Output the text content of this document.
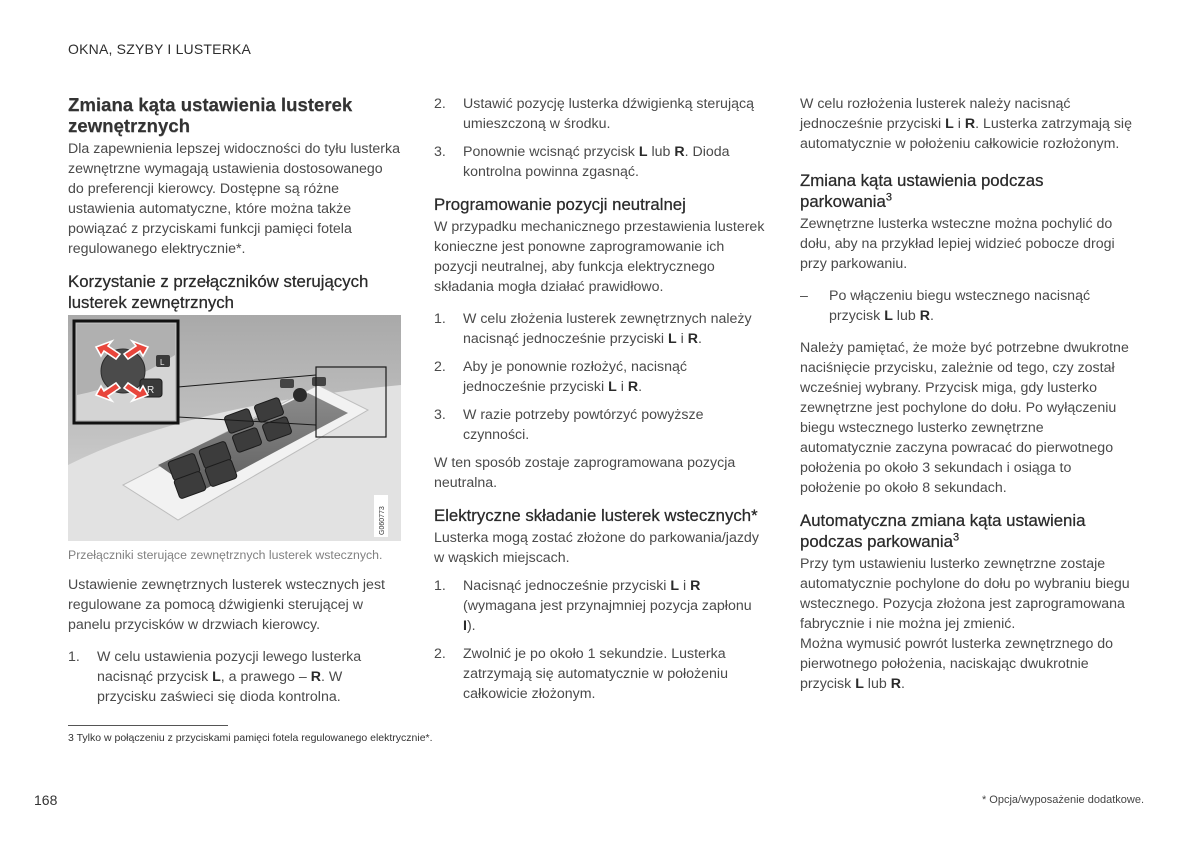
OKNA, SZYBY I LUSTERKA
Zmiana kąta ustawienia lusterek zewnętrznych

Dla zapewnienia lepszej widoczności do tyłu lusterka zewnętrzne wymagają ustawienia dostosowanego do preferencji kierowcy. Dostępne są różne ustawienia automatyczne, które można także powiązać z przyciskami funkcji pamięci fotela regulowanego elektrycznie*.

Korzystanie z przełączników sterujących lusterek zewnętrznych
R
L
G060773
Przełączniki sterujące zewnętrznych lusterek wstecznych.

Ustawienie zewnętrznych lusterek wstecznych jest regulowane za pomocą dźwigienki sterującej w panelu przycisków w drzwiach kierowcy.

1. W celu ustawienia pozycji lewego lusterka nacisnąć przycisk L, a prawego – R. W przycisku zaświeci się dioda kontrolna.
2. Ustawić pozycję lusterka dźwigienką sterującą umieszczoną w środku.
3. Ponownie wcisnąć przycisk L lub R. Dioda kontrolna powinna zgasnąć.
Programowanie pozycji neutralnej

W przypadku mechanicznego przestawienia lusterek konieczne jest ponowne zaprogramowanie ich pozycji neutralnej, aby funkcja elektrycznego składania mogła działać prawidłowo.

1. W celu złożenia lusterek zewnętrznych należy nacisnąć jednocześnie przyciski L i R.
2. Aby je ponownie rozłożyć, nacisnąć jednocześnie przyciski L i R.
3. W razie potrzeby powtórzyć powyższe czynności.

W ten sposób zostaje zaprogramowana pozycja neutralna.

Elektryczne składanie lusterek wstecznych*

Lusterka mogą zostać złożone do parkowania/jazdy w wąskich miejscach.

1. Nacisnąć jednocześnie przyciski L i R (wymagana jest przynajmniej pozycja zapłonu I).
2. Zwolnić je po około 1 sekundzie. Lusterka zatrzymają się automatycznie w położeniu całkowicie złożonym.

W celu rozłożenia lusterek należy nacisnąć jednocześnie przyciski L i R. Lusterka zatrzymają się automatycznie w położeniu całkowicie rozłożonym.

Zmiana kąta ustawienia podczas parkowania$^3$

Zewnętrzne lusterka wsteczne można pochylić do dołu, aby na przykład lepiej widzieć pobocze drogi przy parkowaniu.

– Po włączeniu biegu wstecznego nacisnąć przycisk L lub R.

Należy pamiętać, że może być potrzebne dwukrotne naciśnięcie przycisku, zależnie od tego, czy został wcześniej wybrany. Przycisk miga, gdy lusterko zewnętrzne jest pochylone do dołu. Po wyłączeniu biegu wstecznego lusterko zewnętrzne automatycznie zaczyna powracać do pierwotnego położenia po około 3 sekundach i osiąga to położenie po około 8 sekundach.

Automatyczna zmiana kąta ustawienia podczas parkowania$^3$

Przy tym ustawieniu lusterko zewnętrzne zostaje automatycznie pochylone do dołu po wybraniu biegu wstecznego. Pozycja złożona jest zaprogramowana fabrycznie i nie można jej zmienić.

Można wymusić powrót lusterka zewnętrznego do pierwotnego położenia, naciskając dwukrotnie przycisk L lub R.

3 Tylko w połączeniu z przyciskami pamięci fotela regulowanego elektrycznie*.
168	* Opcja/wyposażenie dodatkowe.
